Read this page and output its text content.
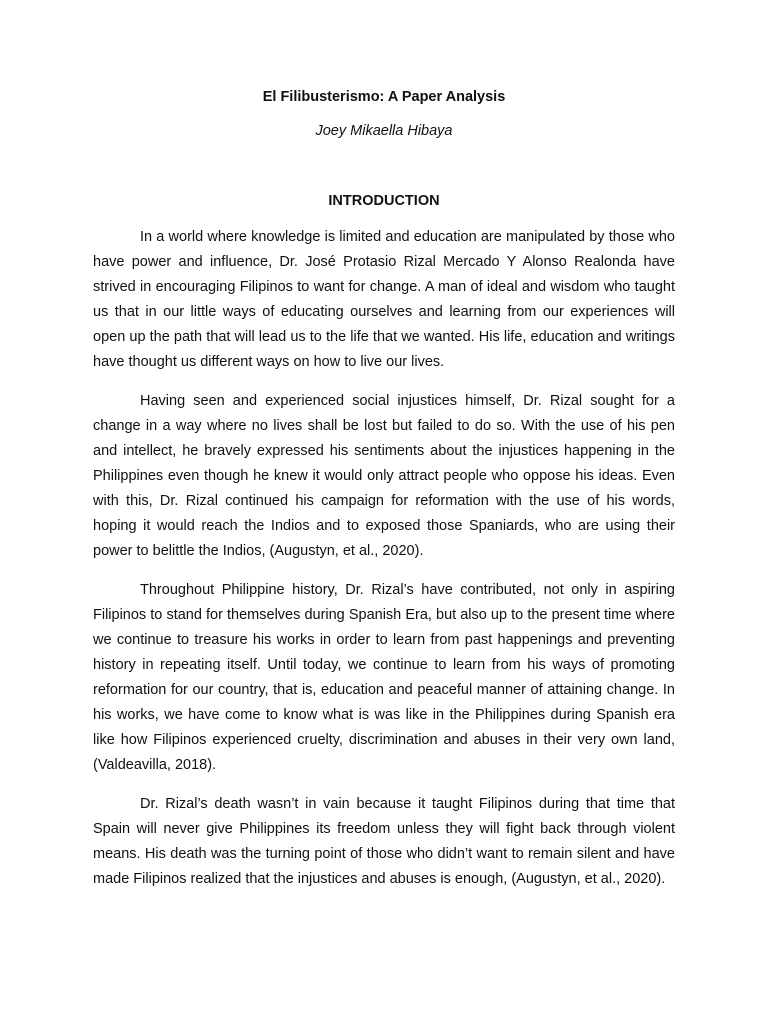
El Filibusterismo: A Paper Analysis
Joey Mikaella Hibaya
INTRODUCTION

In a world where knowledge is limited and education are manipulated by those who have power and influence, Dr. José Protasio Rizal Mercado Y Alonso Realonda have strived in encouraging Filipinos to want for change. A man of ideal and wisdom who taught us that in our little ways of educating ourselves and learning from our experiences will open up the path that will lead us to the life that we wanted. His life, education and writings have thought us different ways on how to live our lives.

Having seen and experienced social injustices himself, Dr. Rizal sought for a change in a way where no lives shall be lost but failed to do so. With the use of his pen and intellect, he bravely expressed his sentiments about the injustices happening in the Philippines even though he knew it would only attract people who oppose his ideas. Even with this, Dr. Rizal continued his campaign for reformation with the use of his words, hoping it would reach the Indios and to exposed those Spaniards, who are using their power to belittle the Indios, (Augustyn, et al., 2020).

Throughout Philippine history, Dr. Rizal’s have contributed, not only in aspiring Filipinos to stand for themselves during Spanish Era, but also up to the present time where we continue to treasure his works in order to learn from past happenings and preventing history in repeating itself. Until today, we continue to learn from his ways of promoting reformation for our country, that is, education and peaceful manner of attaining change. In his works, we have come to know what is was like in the Philippines during Spanish era like how Filipinos experienced cruelty, discrimination and abuses in their very own land, (Valdeavilla, 2018).

Dr. Rizal’s death wasn’t in vain because it taught Filipinos during that time that Spain will never give Philippines its freedom unless they will fight back through violent means. His death was the turning point of those who didn’t want to remain silent and have made Filipinos realized that the injustices and abuses is enough, (Augustyn, et al., 2020).
